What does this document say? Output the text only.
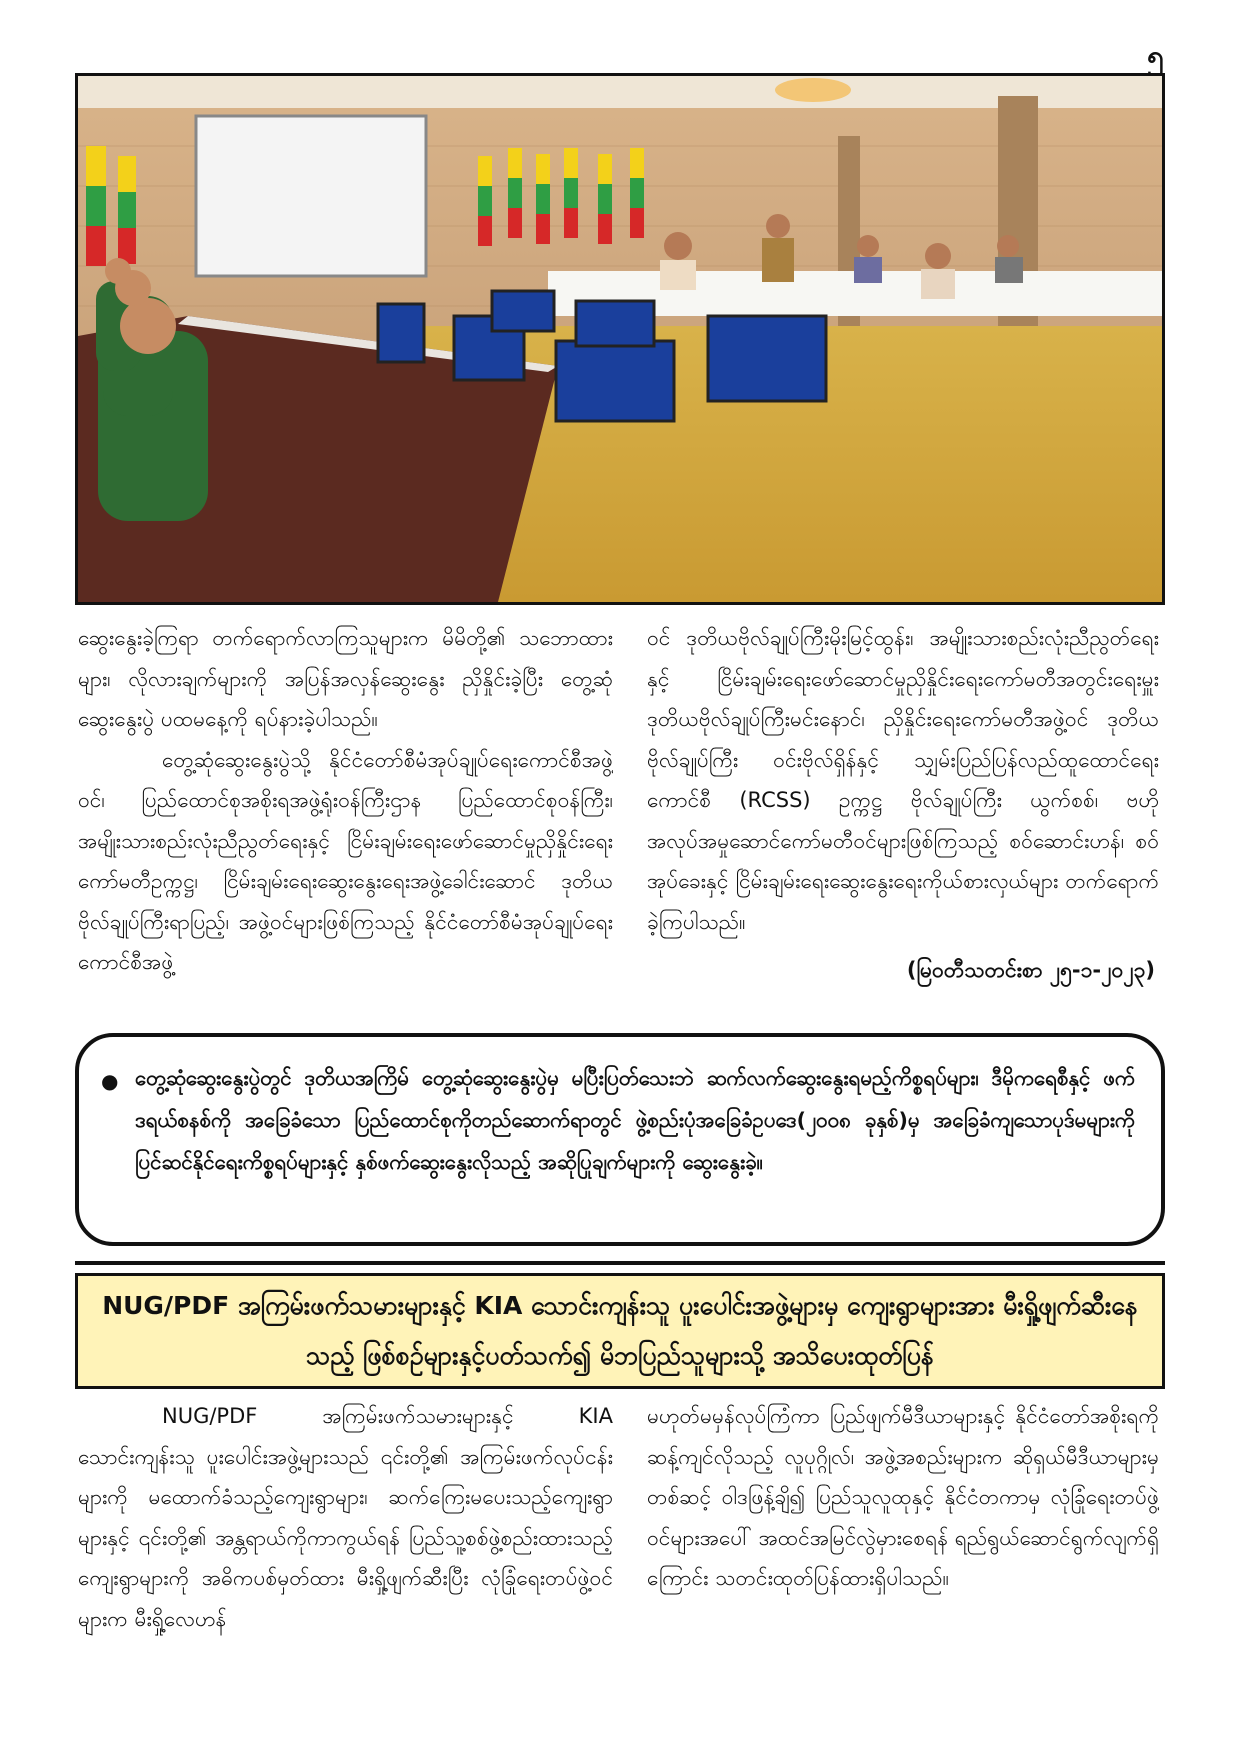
၅

ဆွေးနွေးခဲ့ကြရာ တက်ရောက်လာကြသူများက မိမိတို့၏ သဘောထားများ၊ လိုလားချက်များကို အပြန်အလှန်ဆွေးနွေး ညှိနှိုင်းခဲ့ပြီး တွေ့ဆုံဆွေးနွေးပွဲ ပထမနေ့ကို ရပ်နားခဲ့ပါသည်။

တွေ့ဆုံဆွေးနွေးပွဲသို့ နိုင်ငံတော်စီမံအုပ်ချုပ်ရေးကောင်စီအဖွဲ့ဝင်၊ ပြည်ထောင်စုအစိုးရအဖွဲ့ရုံးဝန်ကြီးဌာန ပြည်ထောင်စုဝန်ကြီး၊ အမျိုးသားစည်းလုံးညီညွတ်ရေးနှင့် ငြိမ်းချမ်းရေးဖော်ဆောင်မှုညှိနှိုင်းရေးကော်မတီဥက္ကဋ္ဌ၊ ငြိမ်းချမ်းရေးဆွေးနွေးရေးအဖွဲ့ခေါင်းဆောင် ဒုတိယဗိုလ်ချုပ်ကြီးရာပြည့်၊ အဖွဲ့ဝင်များဖြစ်ကြသည့် နိုင်ငံတော်စီမံအုပ်ချုပ်ရေးကောင်စီအဖွဲ့

ဝင် ဒုတိယဗိုလ်ချုပ်ကြီးမိုးမြင့်ထွန်း၊ အမျိုးသားစည်းလုံးညီညွတ်ရေးနှင့် ငြိမ်းချမ်းရေးဖော်ဆောင်မှုညှိနှိုင်းရေးကော်မတီအတွင်းရေးမှူး ဒုတိယဗိုလ်ချုပ်ကြီးမင်းနောင်၊ ညှိနှိုင်းရေးကော်မတီအဖွဲ့ဝင် ဒုတိယဗိုလ်ချုပ်ကြီး ဝင်းဗိုလ်ရှိန်နှင့် သျှမ်းပြည်ပြန်လည်ထူထောင်ရေးကောင်စီ (RCSS) ဥက္ကဋ္ဌ ဗိုလ်ချုပ်ကြီး ယွက်စစ်၊ ဗဟိုအလုပ်အမှုဆောင်ကော်မတီဝင်များဖြစ်ကြသည့် စဝ်ဆောင်းဟန်၊ စဝ်အုပ်ခေးနှင့် ငြိမ်းချမ်းရေးဆွေးနွေးရေးကိုယ်စားလှယ်များ တက်ရောက်ခဲ့ကြပါသည်။

(မြဝတီသတင်းစာ ၂၅-၁-၂၀၂၃)
● တွေ့ဆုံဆွေးနွေးပွဲတွင် ဒုတိယအကြိမ် တွေ့ဆုံဆွေးနွေးပွဲမှ မပြီးပြတ်သေးဘဲ ဆက်လက်ဆွေးနွေးရမည့်ကိစ္စရပ်များ၊ ဒီမိုကရေစီနှင့် ဖက်ဒရယ်စနစ်ကို အခြေခံသော ပြည်ထောင်စုကိုတည်ဆောက်ရာတွင် ဖွဲ့စည်းပုံအခြေခံဥပဒေ(၂၀၀၈ ခုနှစ်)မှ အခြေခံကျသောပုဒ်မများကို ပြင်ဆင်နိုင်ရေးကိစ္စရပ်များနှင့် နှစ်ဖက်ဆွေးနွေးလိုသည့် အဆိုပြုချက်များကို ဆွေးနွေးခဲ့။

NUG/PDF အကြမ်းဖက်သမားများနှင့် KIA သောင်းကျန်းသူ ပူးပေါင်းအဖွဲ့များမှ ကျေးရွာများအား မီးရှို့ဖျက်ဆီးနေသည့် ဖြစ်စဉ်များနှင့်ပတ်သက်၍ မိဘပြည်သူများသို့ အသိပေးထုတ်ပြန်

NUG/PDF အကြမ်းဖက်သမားများနှင့် KIA သောင်းကျန်းသူ ပူးပေါင်းအဖွဲ့များသည် ၎င်းတို့၏ အကြမ်းဖက်လုပ်ငန်းများကို မထောက်ခံသည့်ကျေးရွာများ၊ ဆက်ကြေးမပေးသည့်ကျေးရွာများနှင့် ၎င်းတို့၏ အန္တရာယ်ကိုကာကွယ်ရန် ပြည်သူ့စစ်ဖွဲ့စည်းထားသည့်ကျေးရွာများကို အဓိကပစ်မှတ်ထား မီးရှို့ဖျက်ဆီးပြီး လုံခြုံရေးတပ်ဖွဲ့ဝင်များက မီးရှို့လေဟန်

မဟုတ်မမှန်လုပ်ကြံကာ ပြည်ဖျက်မီဒီယာများနှင့် နိုင်ငံတော်အစိုးရကို ဆန့်ကျင်လိုသည့် လူပုဂ္ဂိုလ်၊ အဖွဲ့အစည်းများက ဆိုရှယ်မီဒီယာများမှတစ်ဆင့် ဝါဒဖြန့်ချိ၍ ပြည်သူလူထုနှင့် နိုင်ငံတကာမှ လုံခြုံရေးတပ်ဖွဲ့ဝင်များအပေါ် အထင်အမြင်လွဲမှားစေရန် ရည်ရွယ်ဆောင်ရွက်လျက်ရှိကြောင်း သတင်းထုတ်ပြန်ထားရှိပါသည်။
